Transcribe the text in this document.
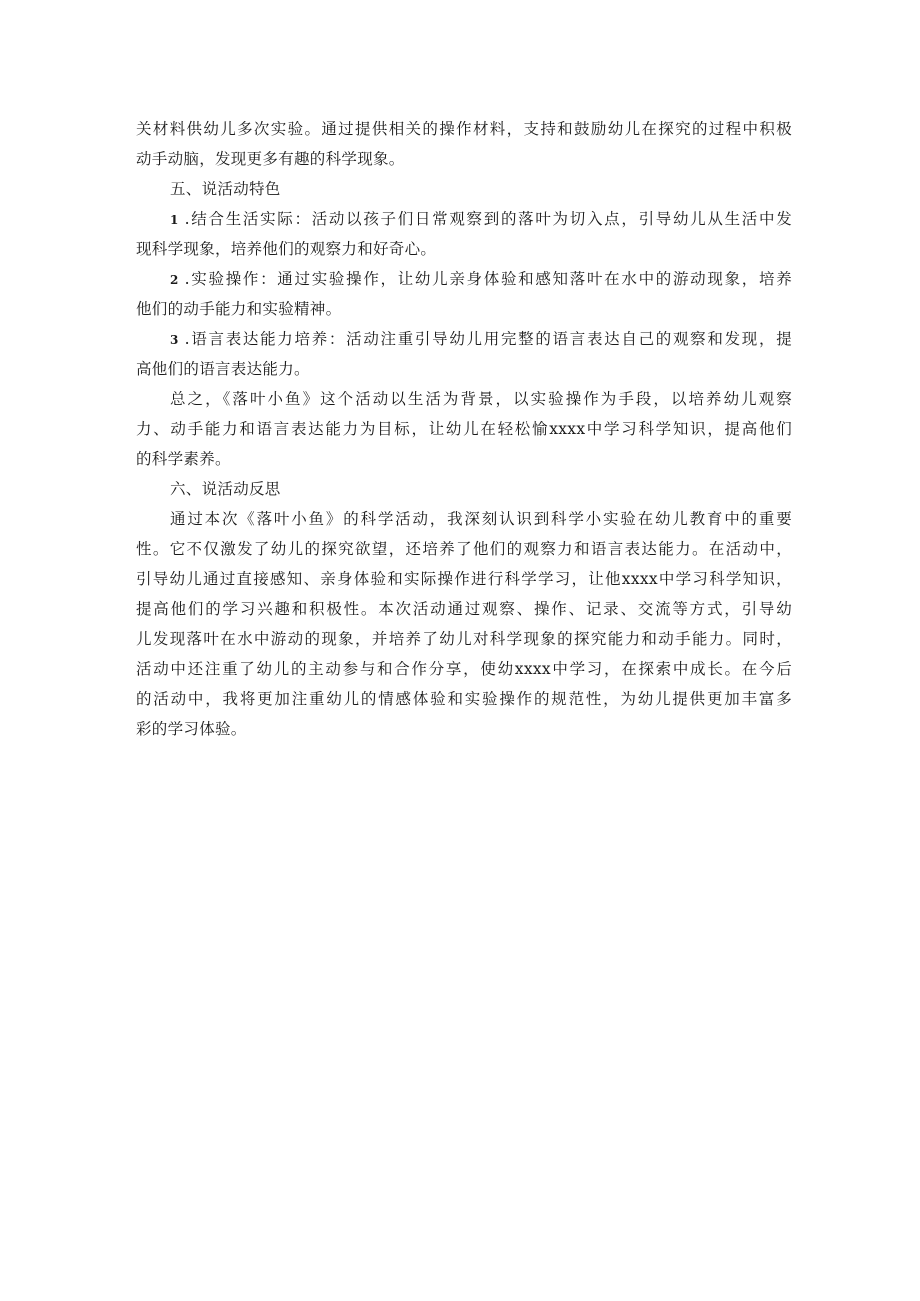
关材料供幼儿多次实验。通过提供相关的操作材料，支持和鼓励幼儿在探究的过程中积极
动手动脑，发现更多有趣的科学现象。
五、说活动特色
1 .结合生活实际：活动以孩子们日常观察到的落叶为切入点，引导幼儿从生活中发
现科学现象，培养他们的观察力和好奇心。
2 .实验操作：通过实验操作，让幼儿亲身体验和感知落叶在水中的游动现象，培养
他们的动手能力和实验精神。
3 .语言表达能力培养：活动注重引导幼儿用完整的语言表达自己的观察和发现，提
高他们的语言表达能力。
总之，《落叶小鱼》这个活动以生活为背景，以实验操作为手段，以培养幼儿观察
力、动手能力和语言表达能力为目标，让幼儿在轻松愉xxxx中学习科学知识，提高他们
的科学素养。
六、说活动反思
通过本次《落叶小鱼》的科学活动，我深刻认识到科学小实验在幼儿教育中的重要
性。它不仅激发了幼儿的探究欲望，还培养了他们的观察力和语言表达能力。在活动中，
引导幼儿通过直接感知、亲身体验和实际操作进行科学学习，让他xxxx中学习科学知识，
提高他们的学习兴趣和积极性。本次活动通过观察、操作、记录、交流等方式，引导幼
儿发现落叶在水中游动的现象，并培养了幼儿对科学现象的探究能力和动手能力。同时，
活动中还注重了幼儿的主动参与和合作分享，使幼xxxx中学习，在探索中成长。在今后
的活动中，我将更加注重幼儿的情感体验和实验操作的规范性，为幼儿提供更加丰富多
彩的学习体验。
